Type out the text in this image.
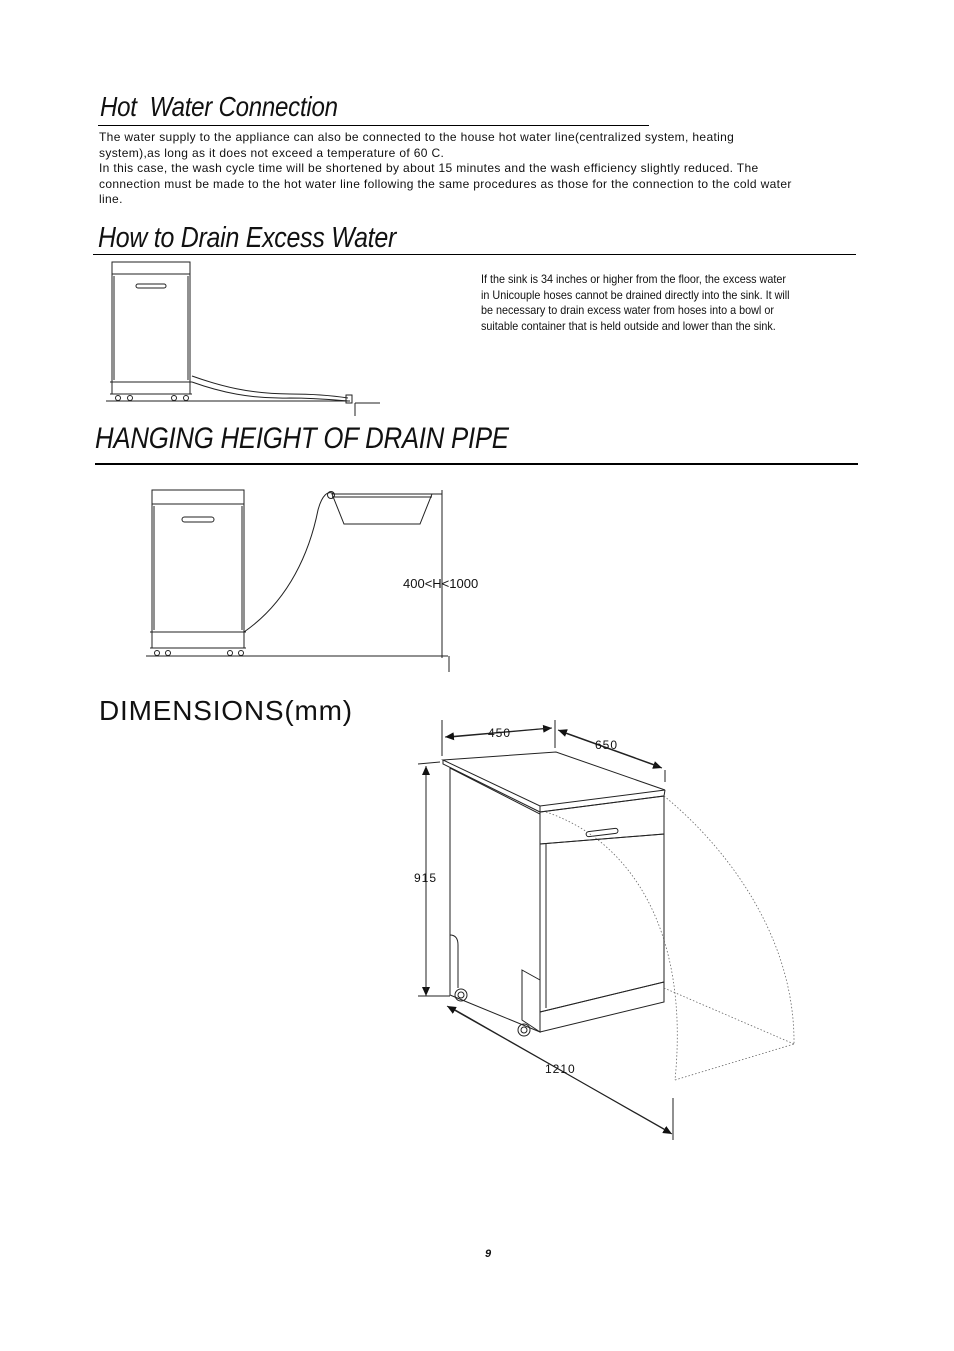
Hot  Water Connection
The water supply to the appliance can also be connected to the house hot water line(centralized system, heating system),as long as it does not exceed a temperature of 60 C.
In this case, the wash cycle time will be shortened by about 15 minutes and the wash efficiency slightly reduced. The connection must be made to the hot water line following the same procedures as those for the connection to the cold water line.
How to Drain Excess Water
If the sink is 34 inches or higher from the floor, the excess water in Unicouple hoses cannot be drained directly into the sink. It will be necessary to drain excess water from hoses into a bowl or suitable container that is held outside and lower than the sink.
HANGING HEIGHT OF DRAIN PIPE
400<H<1000
DIMENSIONS(mm)
450
650
915
1210
9
